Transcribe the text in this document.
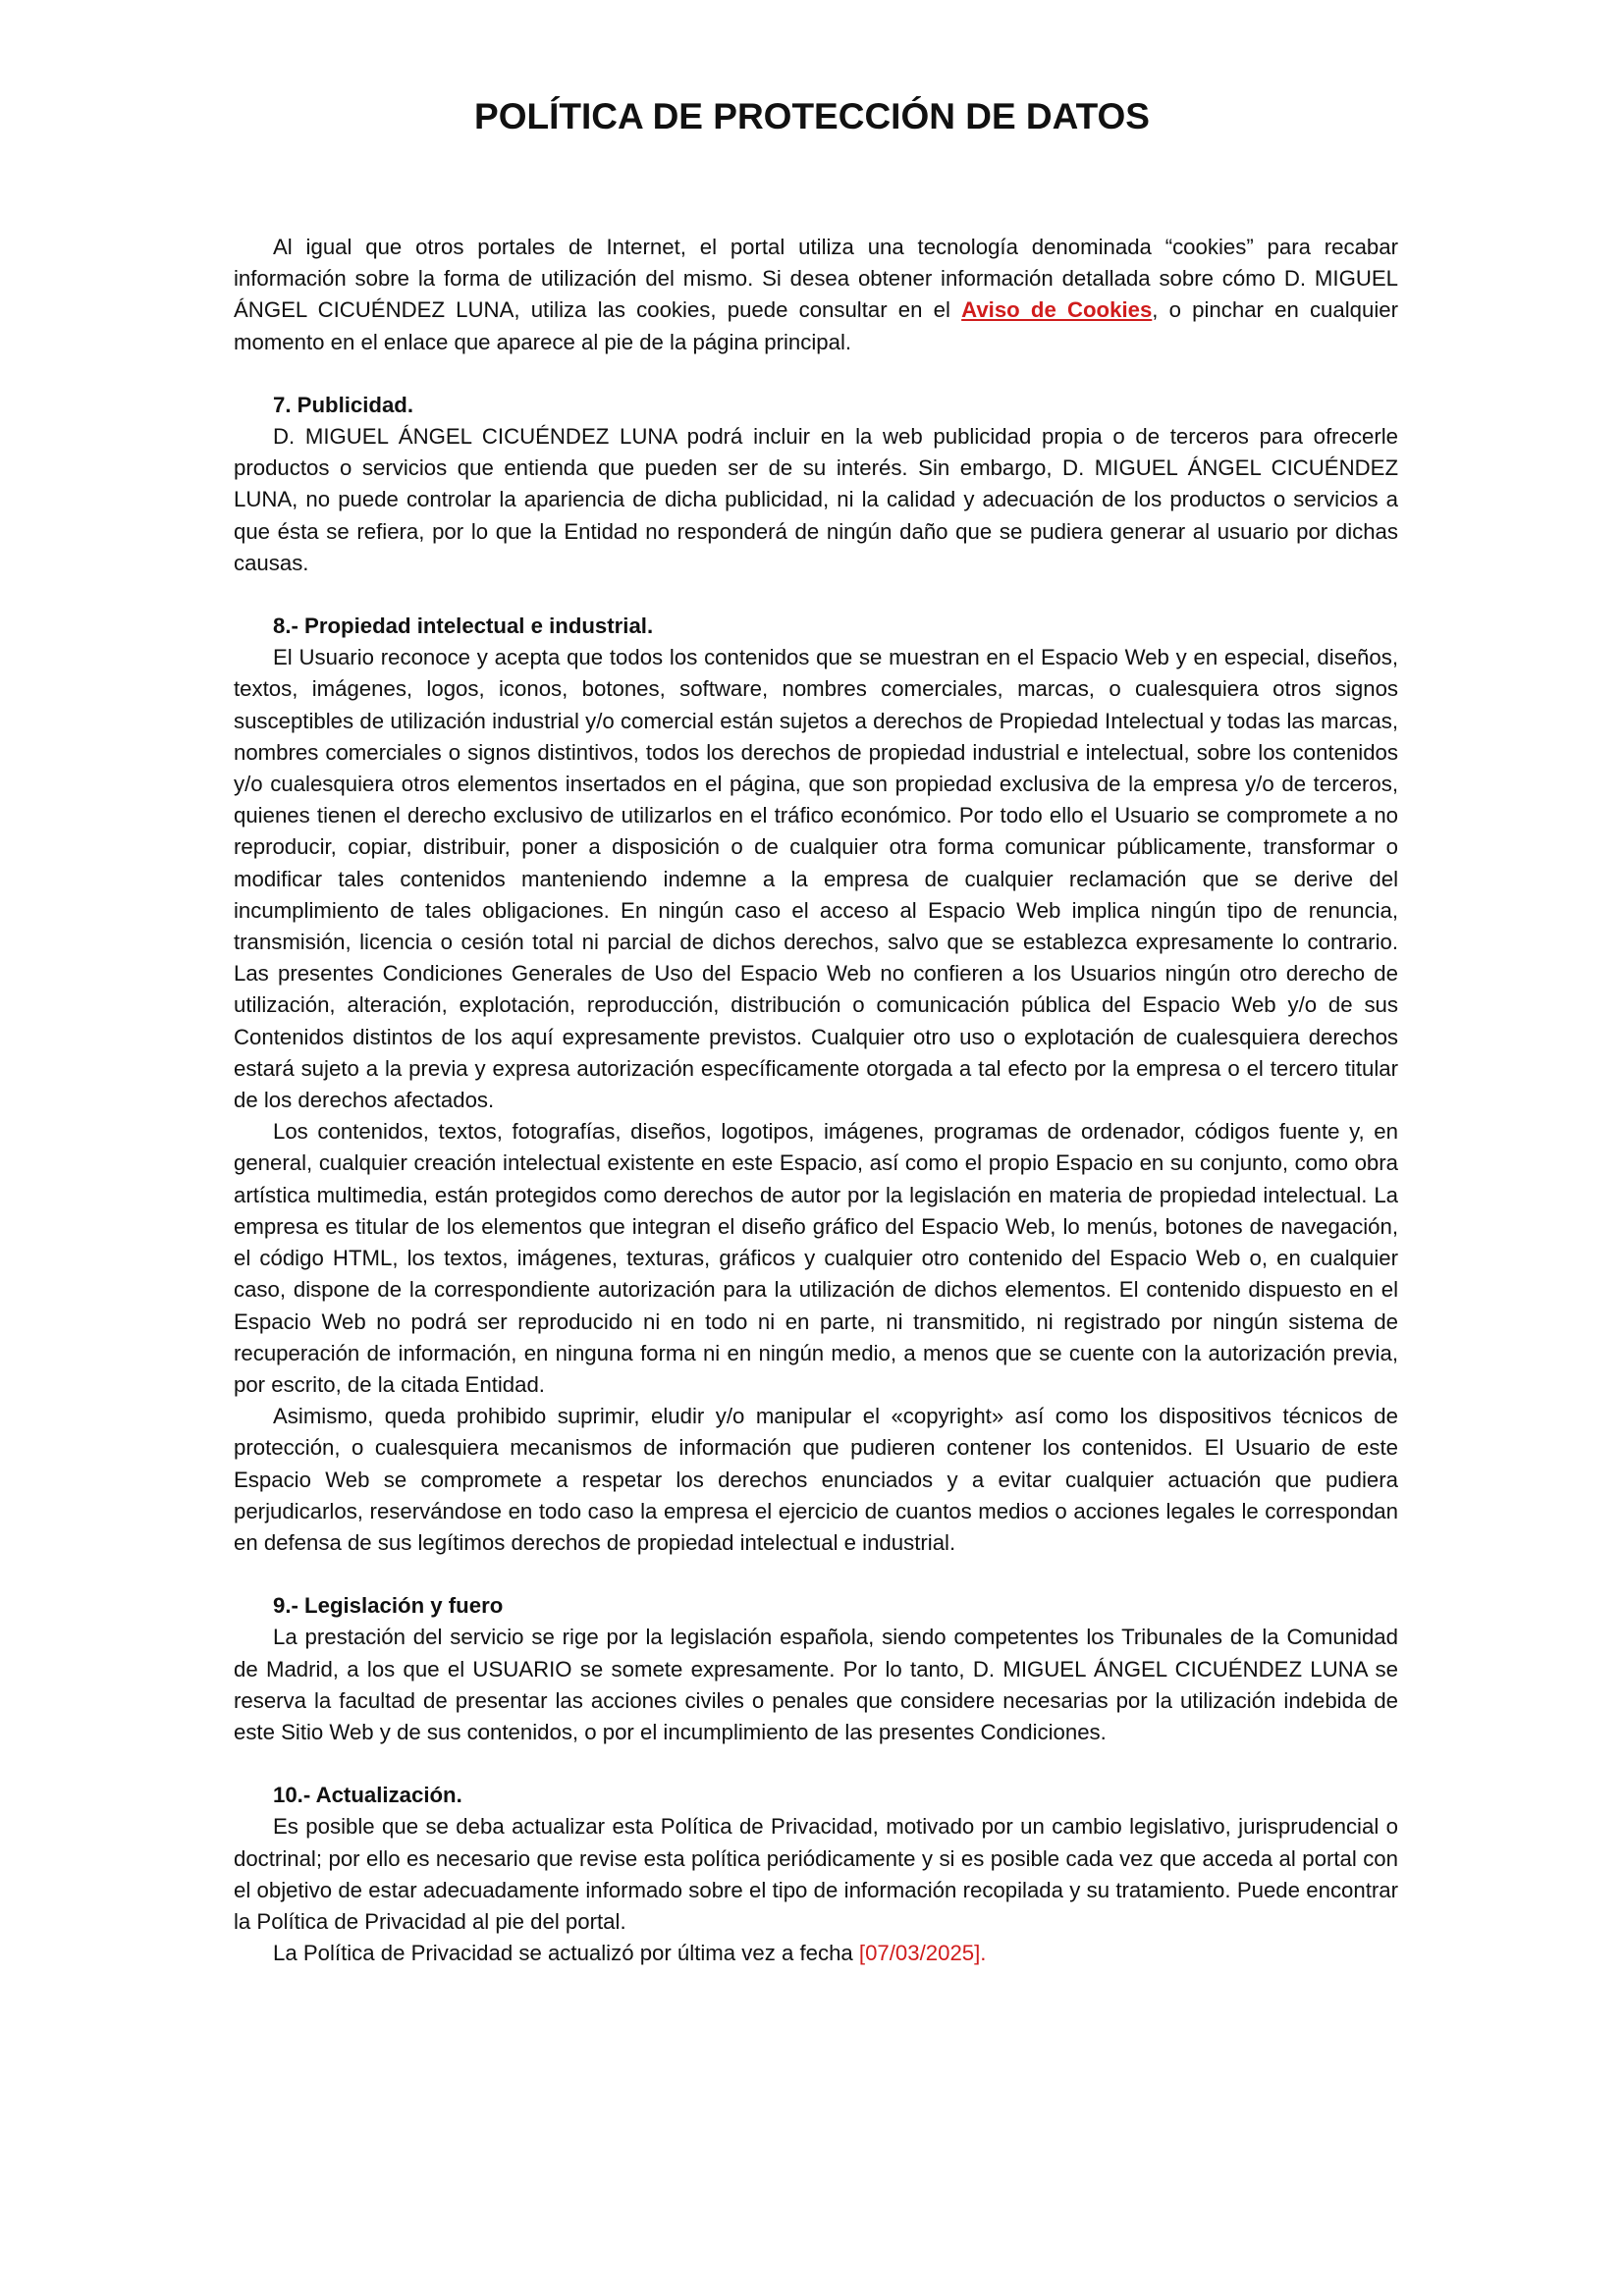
POLÍTICA DE PROTECCIÓN DE DATOS

Al igual que otros portales de Internet, el portal utiliza una tecnología denominada “cookies” para recabar información sobre la forma de utilización del mismo. Si desea obtener información detallada sobre cómo D. MIGUEL ÁNGEL CICUÉNDEZ LUNA, utiliza las cookies, puede consultar en el Aviso de Cookies, o pinchar en cualquier momento en el enlace que aparece al pie de la página principal.

7. Publicidad.

D. MIGUEL ÁNGEL CICUÉNDEZ LUNA podrá incluir en la web publicidad propia o de terceros para ofrecerle productos o servicios que entienda que pueden ser de su interés. Sin embargo, D. MIGUEL ÁNGEL CICUÉNDEZ LUNA, no puede controlar la apariencia de dicha publicidad, ni la calidad y adecuación de los productos o servicios a que ésta se refiera, por lo que la Entidad no responderá de ningún daño que se pudiera generar al usuario por dichas causas.

8.- Propiedad intelectual e industrial.

El Usuario reconoce y acepta que todos los contenidos que se muestran en el Espacio Web y en especial, diseños, textos, imágenes, logos, iconos, botones, software, nombres comerciales, marcas, o cualesquiera otros signos susceptibles de utilización industrial y/o comercial están sujetos a derechos de Propiedad Intelectual y todas las marcas, nombres comerciales o signos distintivos, todos los derechos de propiedad industrial e intelectual, sobre los contenidos y/o cualesquiera otros elementos insertados en el página, que son propiedad exclusiva de la empresa y/o de terceros, quienes tienen el derecho exclusivo de utilizarlos en el tráfico económico. Por todo ello el Usuario se compromete a no reproducir, copiar, distribuir, poner a disposición o de cualquier otra forma comunicar públicamente, transformar o modificar tales contenidos manteniendo indemne a la empresa de cualquier reclamación que se derive del incumplimiento de tales obligaciones. En ningún caso el acceso al Espacio Web implica ningún tipo de renuncia, transmisión, licencia o cesión total ni parcial de dichos derechos, salvo que se establezca expresamente lo contrario. Las presentes Condiciones Generales de Uso del Espacio Web no confieren a los Usuarios ningún otro derecho de utilización, alteración, explotación, reproducción, distribución o comunicación pública del Espacio Web y/o de sus Contenidos distintos de los aquí expresamente previstos. Cualquier otro uso o explotación de cualesquiera derechos estará sujeto a la previa y expresa autorización específicamente otorgada a tal efecto por la empresa o el tercero titular de los derechos afectados.

Los contenidos, textos, fotografías, diseños, logotipos, imágenes, programas de ordenador, códigos fuente y, en general, cualquier creación intelectual existente en este Espacio, así como el propio Espacio en su conjunto, como obra artística multimedia, están protegidos como derechos de autor por la legislación en materia de propiedad intelectual. La empresa es titular de los elementos que integran el diseño gráfico del Espacio Web, lo menús, botones de navegación, el código HTML, los textos, imágenes, texturas, gráficos y cualquier otro contenido del Espacio Web o, en cualquier caso, dispone de la correspondiente autorización para la utilización de dichos elementos. El contenido dispuesto en el Espacio Web no podrá ser reproducido ni en todo ni en parte, ni transmitido, ni registrado por ningún sistema de recuperación de información, en ninguna forma ni en ningún medio, a menos que se cuente con la autorización previa, por escrito, de la citada Entidad.

Asimismo, queda prohibido suprimir, eludir y/o manipular el «copyright» así como los dispositivos técnicos de protección, o cualesquiera mecanismos de información que pudieren contener los contenidos. El Usuario de este Espacio Web se compromete a respetar los derechos enunciados y a evitar cualquier actuación que pudiera perjudicarlos, reservándose en todo caso la empresa el ejercicio de cuantos medios o acciones legales le correspondan en defensa de sus legítimos derechos de propiedad intelectual e industrial.

9.- Legislación y fuero

La prestación del servicio se rige por la legislación española, siendo competentes los Tribunales de la Comunidad de Madrid, a los que el USUARIO se somete expresamente. Por lo tanto, D. MIGUEL ÁNGEL CICUÉNDEZ LUNA se reserva la facultad de presentar las acciones civiles o penales que considere necesarias por la utilización indebida de este Sitio Web y de sus contenidos, o por el incumplimiento de las presentes Condiciones.

10.- Actualización.

Es posible que se deba actualizar esta Política de Privacidad, motivado por un cambio legislativo, jurisprudencial o doctrinal; por ello es necesario que revise esta política periódicamente y si es posible cada vez que acceda al portal con el objetivo de estar adecuadamente informado sobre el tipo de información recopilada y su tratamiento. Puede encontrar la Política de Privacidad al pie del portal.

La Política de Privacidad se actualizó por última vez a fecha [07/03/2025].
